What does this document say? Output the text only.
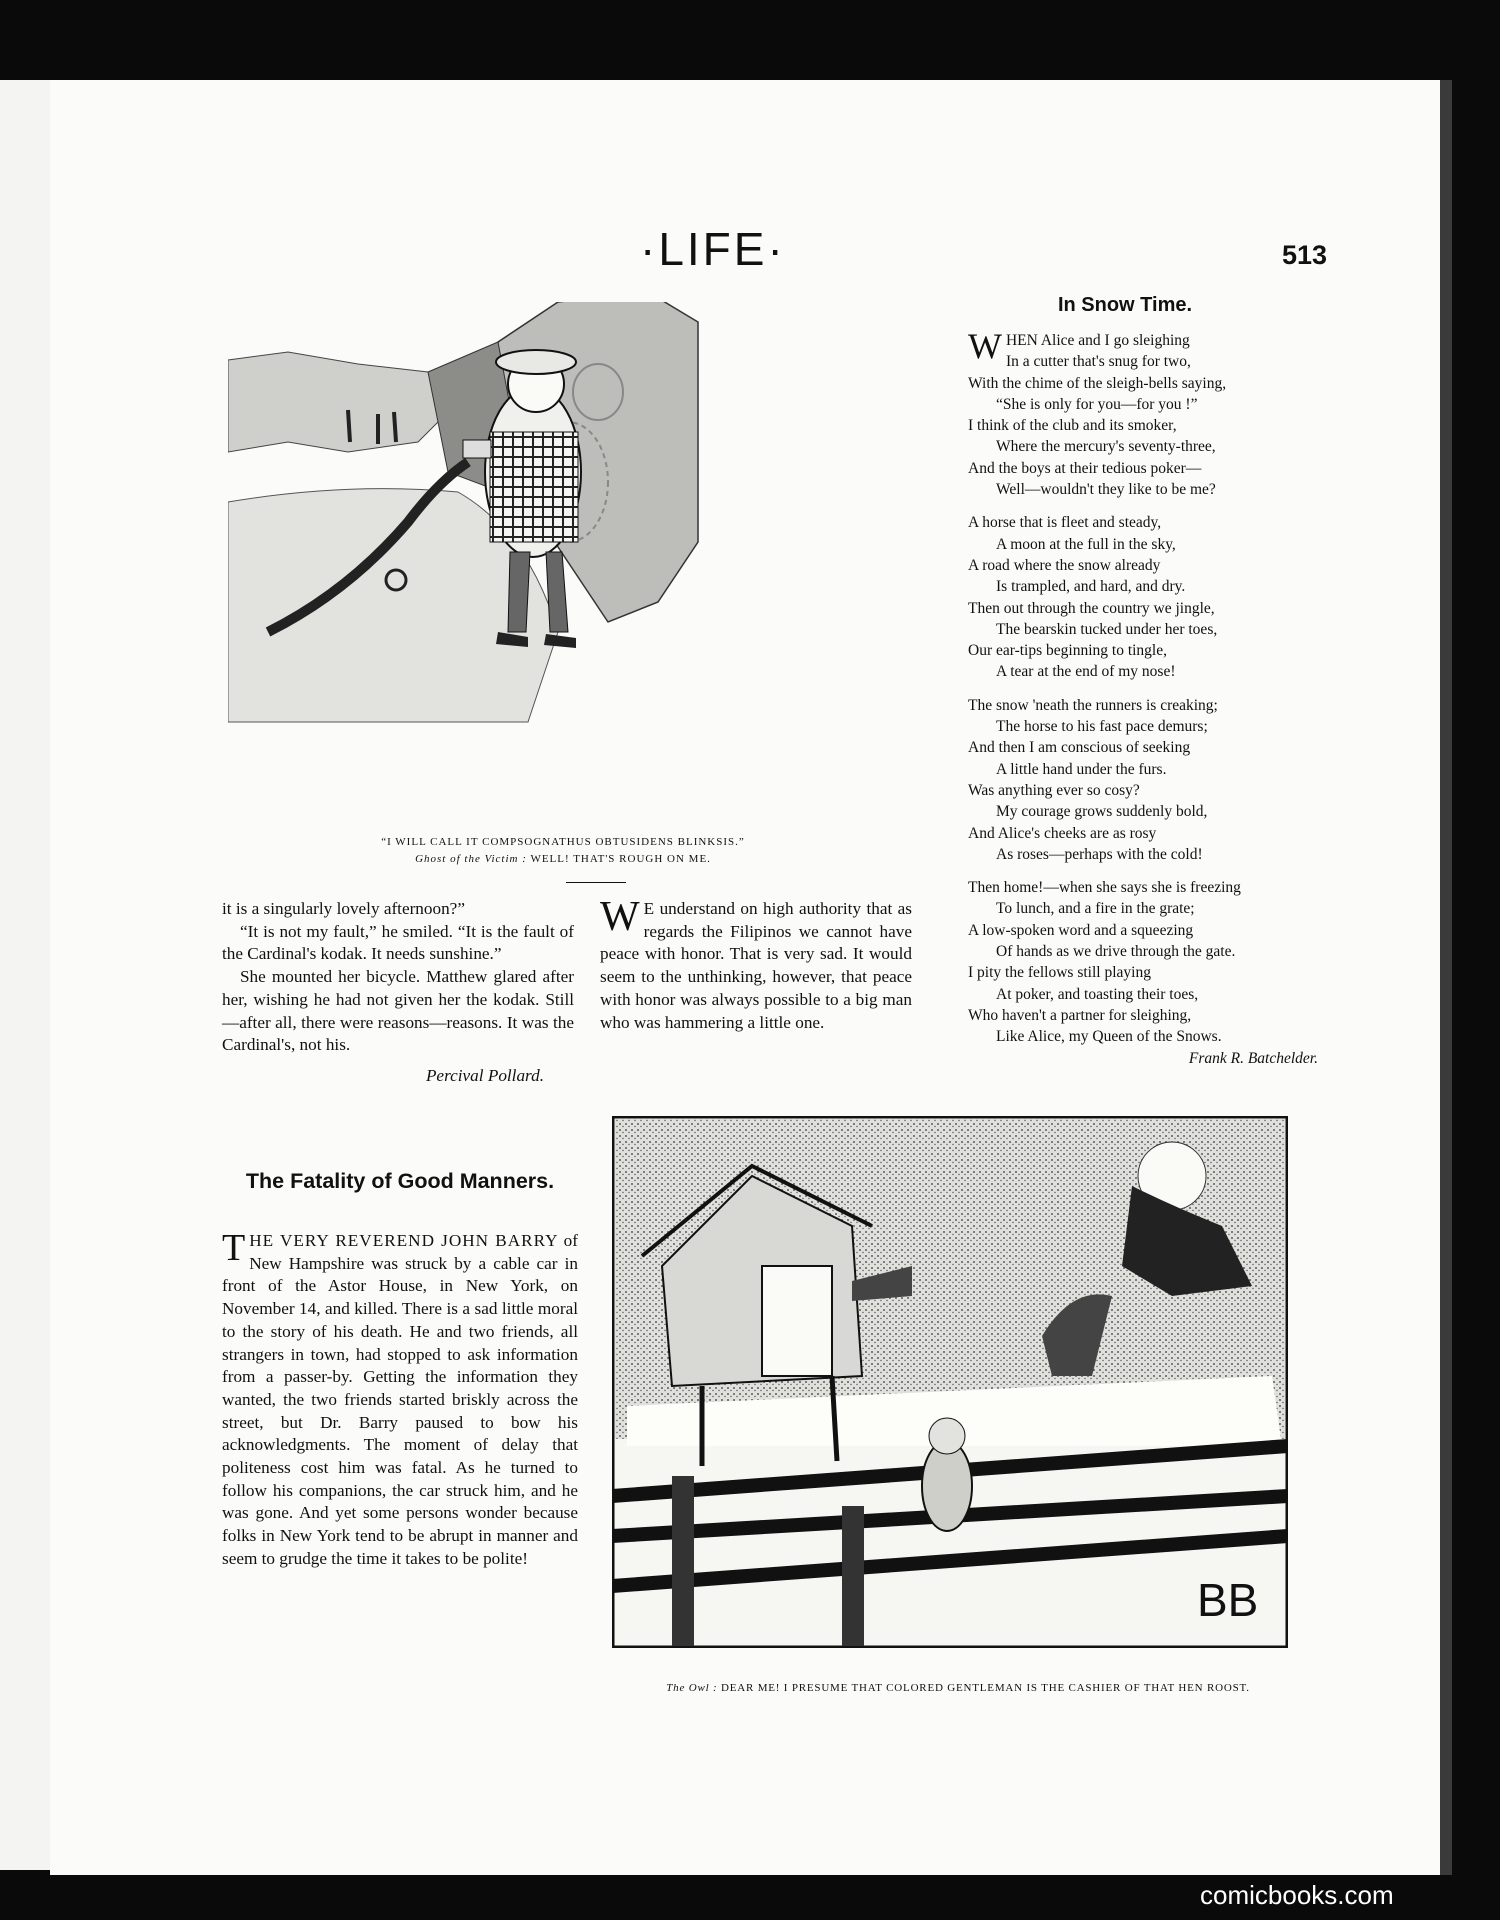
·LIFE·	513
“I WILL CALL IT COMPSOGNATHUS OBTUSIDENS BLINKSIS.”
Ghost of the Victim : WELL! THAT'S ROUGH ON ME.
In Snow Time.
W HEN Alice and I go sleighing
In a cutter that's snug for two,
With the chime of the sleigh-bells saying,
“She is only for you—for you !”
I think of the club and its smoker,
Where the mercury's seventy-three,
And the boys at their tedious poker—
Well—wouldn't they like to be me?
A horse that is fleet and steady,
A moon at the full in the sky,
A road where the snow already
Is trampled, and hard, and dry.
Then out through the country we jingle,
The bearskin tucked under her toes,
Our ear-tips beginning to tingle,
A tear at the end of my nose!
The snow 'neath the runners is creaking;
The horse to his fast pace demurs;
And then I am conscious of seeking
A little hand under the furs.
Was anything ever so cosy?
My courage grows suddenly bold,
And Alice's cheeks are as rosy
As roses—perhaps with the cold!
Then home!—when she says she is freezing
To lunch, and a fire in the grate;
A low-spoken word and a squeezing
Of hands as we drive through the gate.
I pity the fellows still playing
At poker, and toasting their toes,
Who haven't a partner for sleighing,
Like Alice, my Queen of the Snows.
Frank R. Batchelder.
it is a singularly lovely afternoon?”
“It is not my fault,” he smiled. “It is the fault of the Cardinal's kodak. It needs sunshine.”
She mounted her bicycle. Matthew glared after her, wishing he had not given her the kodak. Still—after all, there were reasons—reasons. It was the Cardinal's, not his.
Percival Pollard.
W E understand on high authority that as regards the Filipinos we cannot have peace with honor. That is very sad. It would seem to the unthinking, however, that peace with honor was always possible to a big man who was hammering a little one.
The Fatality of Good Manners.
THE VERY REVEREND JOHN BARRY of New Hampshire was struck by a cable car in front of the Astor House, in New York, on November 14, and killed. There is a sad little moral to the story of his death. He and two friends, all strangers in town, had stopped to ask information from a passer-by. Getting the information they wanted, the two friends started briskly across the street, but Dr. Barry paused to bow his acknowledgments. The moment of delay that politeness cost him was fatal. As he turned to follow his companions, the car struck him, and he was gone. And yet some persons wonder because folks in New York tend to be abrupt in manner and seem to grudge the time it takes to be polite!
BB
The Owl : DEAR ME! I PRESUME THAT COLORED GENTLEMAN IS THE CASHIER OF THAT HEN ROOST.
comicbooks.com
